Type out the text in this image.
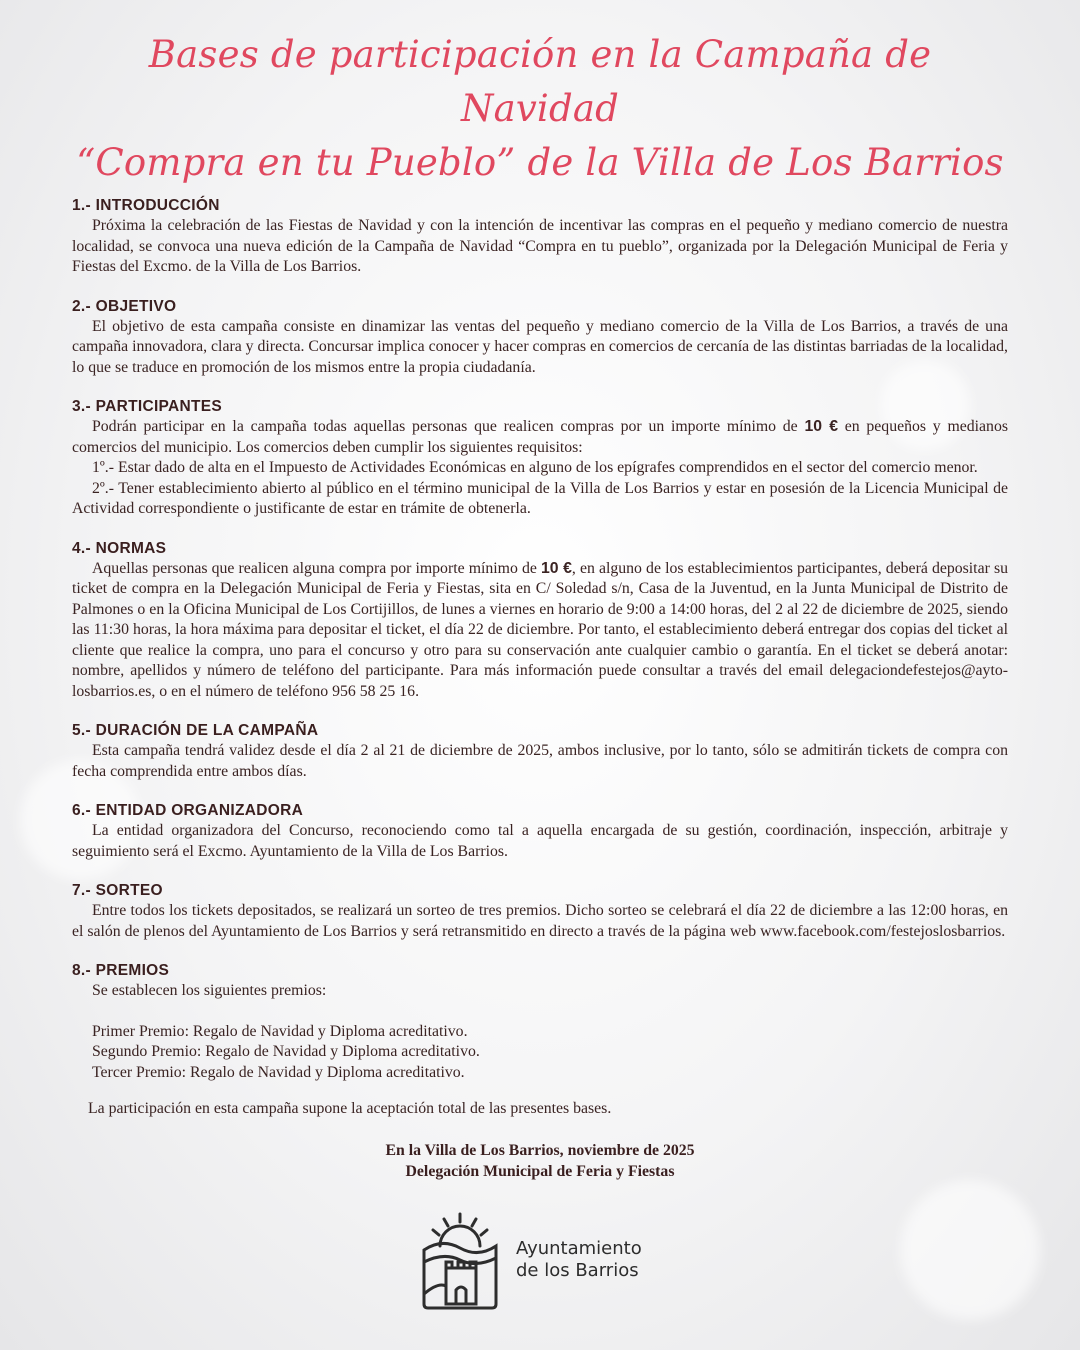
Bases de participación en la Campaña de Navidad
“Compra en tu Pueblo” de la Villa de Los Barrios
1.- INTRODUCCIÓN

Próxima la celebración de las Fiestas de Navidad y con la intención de incentivar las compras en el pequeño y mediano comercio de nuestra localidad, se convoca una nueva edición de la Campaña de Navidad “Compra en tu pueblo”, organizada por la Delegación Municipal de Feria y Fiestas del Excmo. de la Villa de Los Barrios.

2.- OBJETIVO

El objetivo de esta campaña consiste en dinamizar las ventas del pequeño y mediano comercio de la Villa de Los Barrios, a través de una campaña innovadora, clara y directa. Concursar implica conocer y hacer compras en comercios de cercanía de las distintas barriadas de la localidad, lo que se traduce en promoción de los mismos entre la propia ciudadanía.

3.- PARTICIPANTES

Podrán participar en la campaña todas aquellas personas que realicen compras por un importe mínimo de 10 € en pequeños y medianos comercios del municipio. Los comercios deben cumplir los siguientes requisitos:

1º.- Estar dado de alta en el Impuesto de Actividades Económicas en alguno de los epígrafes comprendidos en el sector del comercio menor.

2º.- Tener establecimiento abierto al público en el término municipal de la Villa de Los Barrios y estar en posesión de la Licencia Municipal de Actividad correspondiente o justificante de estar en trámite de obtenerla.

4.- NORMAS

Aquellas personas que realicen alguna compra por importe mínimo de 10 €, en alguno de los establecimientos participantes, deberá depositar su ticket de compra en la Delegación Municipal de Feria y Fiestas, sita en C/ Soledad s/n, Casa de la Juventud, en la Junta Municipal de Distrito de Palmones o en la Oficina Municipal de Los Cortijillos, de lunes a viernes en horario de 9:00 a 14:00 horas, del 2 al 22 de diciembre de 2025, siendo las 11:30 horas, la hora máxima para depositar el ticket, el día 22 de diciembre. Por tanto, el establecimiento deberá entregar dos copias del ticket al cliente que realice la compra, uno para el concurso y otro para su conservación ante cualquier cambio o garantía. En el ticket se deberá anotar: nombre, apellidos y número de teléfono del participante. Para más información puede consultar a través del email delegaciondefestejos@ayto-losbarrios.es, o en el número de teléfono 956 58 25 16.

5.- DURACIÓN DE LA CAMPAÑA

Esta campaña tendrá validez desde el día 2 al 21 de diciembre de 2025, ambos inclusive, por lo tanto, sólo se admitirán tickets de compra con fecha comprendida entre ambos días.

6.- ENTIDAD ORGANIZADORA

La entidad organizadora del Concurso, reconociendo como tal a aquella encargada de su gestión, coordinación, inspección, arbitraje y seguimiento será el Excmo. Ayuntamiento de la Villa de Los Barrios.

7.- SORTEO

Entre todos los tickets depositados, se realizará un sorteo de tres premios. Dicho sorteo se celebrará el día 22 de diciembre a las 12:00 horas, en el salón de plenos del Ayuntamiento de Los Barrios y será retransmitido en directo a través de la página web www.facebook.com/festejoslosbarrios.

8.- PREMIOS

Se establecen los siguientes premios:

Primer Premio: Regalo de Navidad y Diploma acreditativo.
Segundo Premio: Regalo de Navidad y Diploma acreditativo.
Tercer Premio: Regalo de Navidad y Diploma acreditativo.
La participación en esta campaña supone la aceptación total de las presentes bases.
En la Villa de Los Barrios, noviembre de 2025
Delegación Municipal de Feria y Fiestas
Ayuntamiento
de los Barrios
